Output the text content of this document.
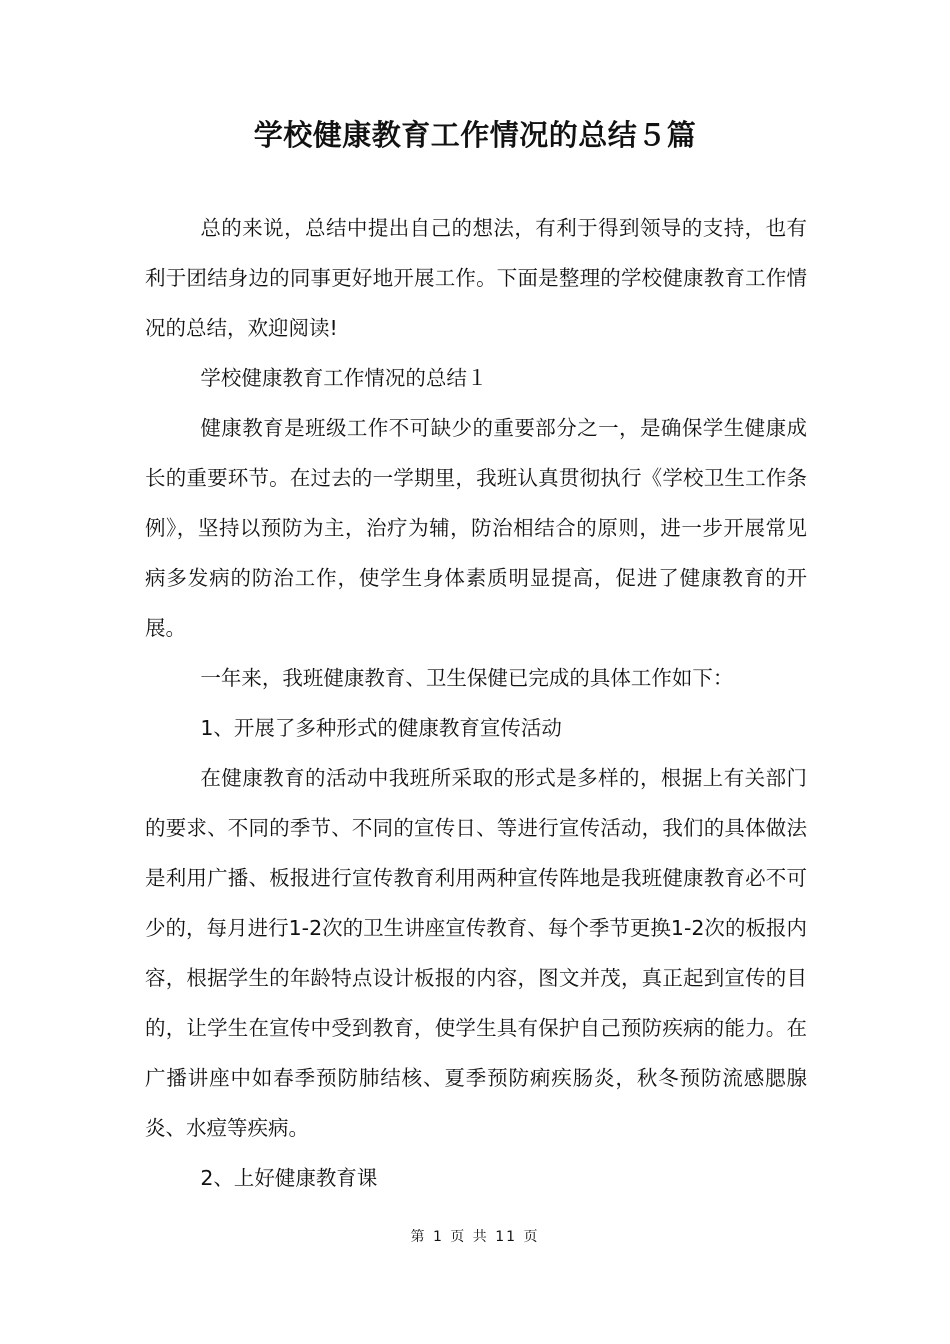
学校健康教育工作情况的总结５篇

总的来说，总结中提出自己的想法，有利于得到领导的支持，也有利于团结身边的同事更好地开展工作。下面是整理的学校健康教育工作情况的总结，欢迎阅读!

学校健康教育工作情况的总结１

健康教育是班级工作不可缺少的重要部分之一，是确保学生健康成长的重要环节。在过去的一学期里，我班认真贯彻执行《学校卫生工作条例》，坚持以预防为主，治疗为辅，防治相结合的原则，进一步开展常见病多发病的防治工作，使学生身体素质明显提高，促进了健康教育的开展。

一年来，我班健康教育、卫生保健已完成的具体工作如下：

1、开展了多种形式的健康教育宣传活动

在健康教育的活动中我班所采取的形式是多样的，根据上有关部门的要求、不同的季节、不同的宣传日、等进行宣传活动，我们的具体做法是利用广播、板报进行宣传教育利用两种宣传阵地是我班健康教育必不可少的，每月进行1-2次的卫生讲座宣传教育、每个季节更换1-2次的板报内容，根据学生的年龄特点设计板报的内容，图文并茂，真正起到宣传的目的，让学生在宣传中受到教育，使学生具有保护自己预防疾病的能力。在广播讲座中如春季预防肺结核、夏季预防痢疾肠炎，秋冬预防流感腮腺炎、水痘等疾病。

2、上好健康教育课

第 1 页 共 11 页
